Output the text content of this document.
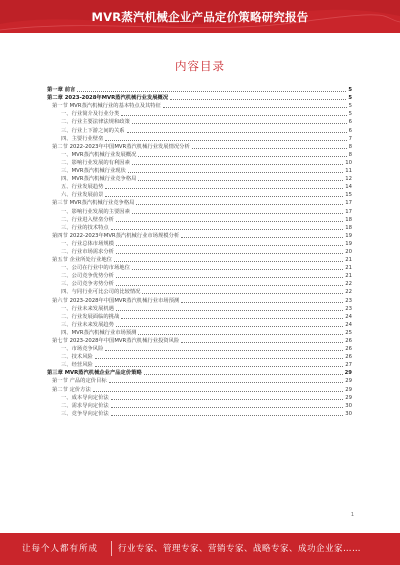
MVR蒸汽机械企业产品定价策略研究报告
内容目录
第一章 前言	5
第二章 2023-2028年MVR蒸汽机械行业发展概况	5
第一节 MVR蒸汽机械行业的基本特点及其特征	5
一、行业简介及行业分类	5
二、行业主要法律法规和政策	6
三、行业上下游之间的关系	6
四、主要行业壁垒	7
第二节 2022-2023年中国MVR蒸汽机械行业发展情况分析	8
一、MVR蒸汽机械行业发展概况	8
二、影响行业发展的有利因素	10
三、MVR蒸汽机械行业现状	11
四、MVR蒸汽机械行业竞争格局	12
五、行业发展趋势	14
六、行业发展前景	15
第三节 MVR蒸汽机械行业竞争格局	17
一、影响行业发展的主要因素	17
二、行业进入壁垒分析	18
三、行业的技术特点	18
第四节 2022-2023年MVR蒸汽机械行业市场规模分析	19
一、行业总体市场规模	19
二、行业市场需求分析	20
第五节 企业所处行业地位	21
一、公司在行业中的市场地位	21
二、公司竞争优势分析	21
三、公司竞争劣势分析	22
四、与同行业可比公司的比较情况	22
第六节 2023-2028年中国MVR蒸汽机械行业市场预测	23
一、行业未来发展机遇	23
二、行业发展面临的挑战	24
三、行业未来发展趋势	24
四、MVR蒸汽机械行业市场预测	25
第七节 2023-2028年中国MVR蒸汽机械行业投资风险	26
一、市场竞争风险	26
二、技术风险	26
三、经营风险	27
第三章 MVR蒸汽机械企业产品定价策略	29
第一节 产品的定价目标	29
第二节 定价方法	29
一、成本导向定价法	29
二、需求导向定价法	30
三、竞争导向定价法	30
1
让每个人都有所成 行业专家、管理专家、营销专家、战略专家、成功企业家……
